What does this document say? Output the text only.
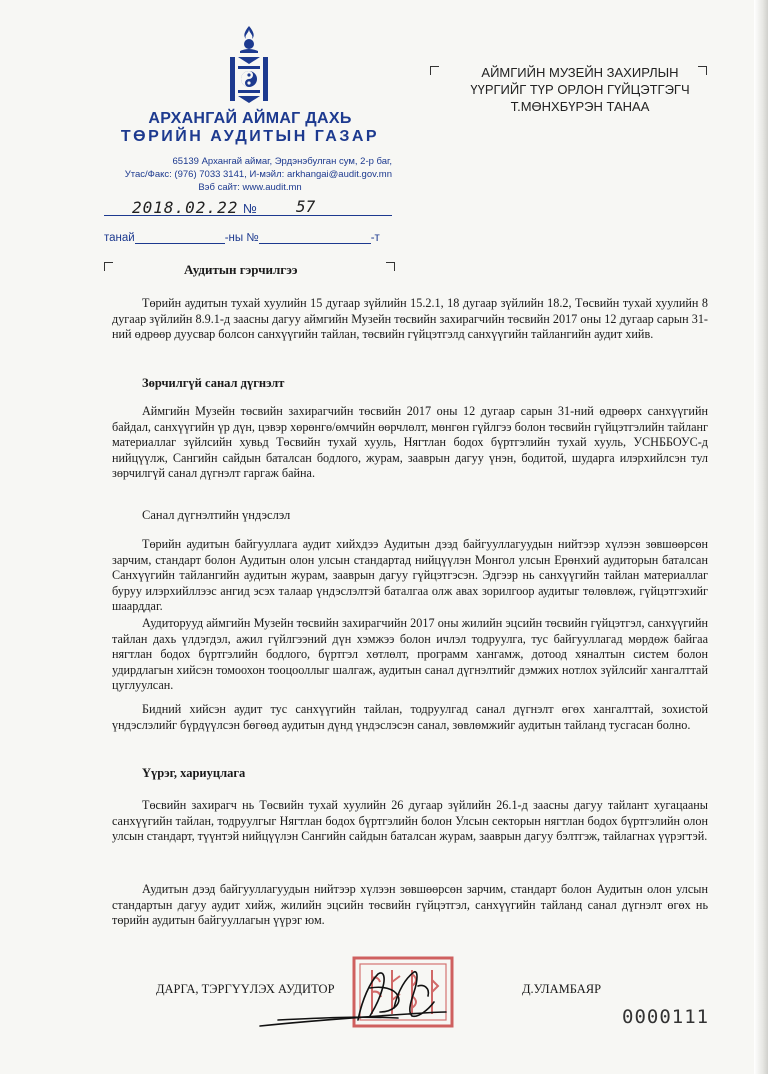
АРХАНГАЙ АЙМАГ ДАХЬ
ТӨРИЙН АУДИТЫН ГАЗАР
65139 Архангай аймаг, Эрдэнэбулган сум, 2-р баг,
Утас/Факс: (976) 7033 3141, И-мэйл: arkhangai@audit.gov.mn
Вэб сайт: www.audit.mn
2018.02.22 № 57
танай	-ны №	-т
АЙМГИЙН МУЗЕЙН ЗАХИРЛЫН
ҮҮРГИЙГ ТҮР ОРЛОН ГҮЙЦЭТГЭГЧ
Т.МӨНХБҮРЭН ТАНАА
Аудитын гэрчилгээ
Төрийн аудитын тухай хуулийн 15 дугаар зүйлийн 15.2.1, 18 дугаар зүйлийн 18.2, Төсвийн тухай хуулийн 8 дугаар зүйлийн 8.9.1-д заасны дагуу аймгийн Музейн төсвийн захирагчийн төсвийн 2017 оны 12 дугаар сарын 31-ний өдрөөр дуусвар болсон санхүүгийн тайлан, төсвийн гүйцэтгэлд санхүүгийн тайлангийн аудит хийв.
Зөрчилгүй санал дүгнэлт
Аймгийн Музейн төсвийн захирагчийн төсвийн 2017 оны 12 дугаар сарын 31-ний өдрөөрх санхүүгийн байдал, санхүүгийн үр дүн, цэвэр хөрөнгө/өмчийн өөрчлөлт, мөнгөн гүйлгээ болон төсвийн гүйцэтгэлийн тайланг материаллаг зүйлсийн хувьд Төсвийн тухай хууль, Нягтлан бодох бүртгэлийн тухай хууль, УСНББОУС-д нийцүүлж, Сангийн сайдын баталсан бодлого, журам, зааврын дагуу үнэн, бодитой, шударга илэрхийлсэн тул зөрчилгүй санал дүгнэлт гаргаж байна.
Санал дүгнэлтийн үндэслэл
Төрийн аудитын байгууллага аудит хийхдээ Аудитын дээд байгууллагуудын нийтээр хүлээн зөвшөөрсөн зарчим, стандарт болон Аудитын олон улсын стандартад нийцүүлэн Монгол улсын Ерөнхий аудиторын баталсан Санхүүгийн тайлангийн аудитын журам, зааврын дагуу гүйцэтгэсэн. Эдгээр нь санхүүгийн тайлан материаллаг буруу илэрхийллээс ангид эсэх талаар үндэслэлтэй баталгаа олж авах зорилгоор аудитыг төлөвлөж, гүйцэтгэхийг шаарддаг.
Аудиторууд аймгийн Музейн төсвийн захирагчийн 2017 оны жилийн эцсийн төсвийн гүйцэтгэл, санхүүгийн тайлан дахь үлдэгдэл, ажил гүйлгээний дүн хэмжээ болон ичлэл тодруулга, тус байгууллагад мөрдөж байгаа нягтлан бодох бүртгэлийн бодлого, бүртгэл хөтлөлт, программ хангамж, дотоод хяналтын систем болон удирдлагын хийсэн томоохон тооцооллыг шалгаж, аудитын санал дүгнэлтийг дэмжих нотлох зүйлсийг хангалттай цуглуулсан.
Бидний хийсэн аудит тус санхүүгийн тайлан, тодруулгад санал дүгнэлт өгөх хангалттай, зохистой үндэслэлийг бүрдүүлсэн бөгөөд аудитын дүнд үндэслэсэн санал, зөвлөмжийг аудитын тайланд тусгасан болно.
Үүрэг, хариуцлага
Төсвийн захирагч нь Төсвийн тухай хуулийн 26 дугаар зүйлийн 26.1-д заасны дагуу тайлант хугацааны санхүүгийн тайлан, тодруулгыг Нягтлан бодох бүртгэлийн болон Улсын секторын нягтлан бодох бүртгэлийн олон улсын стандарт, түүнтэй нийцүүлэн Сангийн сайдын баталсан журам, зааврын дагуу бэлтгэж, тайлагнах үүрэгтэй.
Аудитын дээд байгууллагуудын нийтээр хүлээн зөвшөөрсөн зарчим, стандарт болон Аудитын олон улсын стандартын дагуу аудит хийж, жилийн эцсийн төсвийн гүйцэтгэл, санхүүгийн тайланд санал дүгнэлт өгөх нь төрийн аудитын байгууллагын үүрэг юм.
ДАРГА, ТЭРГҮҮЛЭХ АУДИТОР	Д.УЛАМБАЯР
0000111
